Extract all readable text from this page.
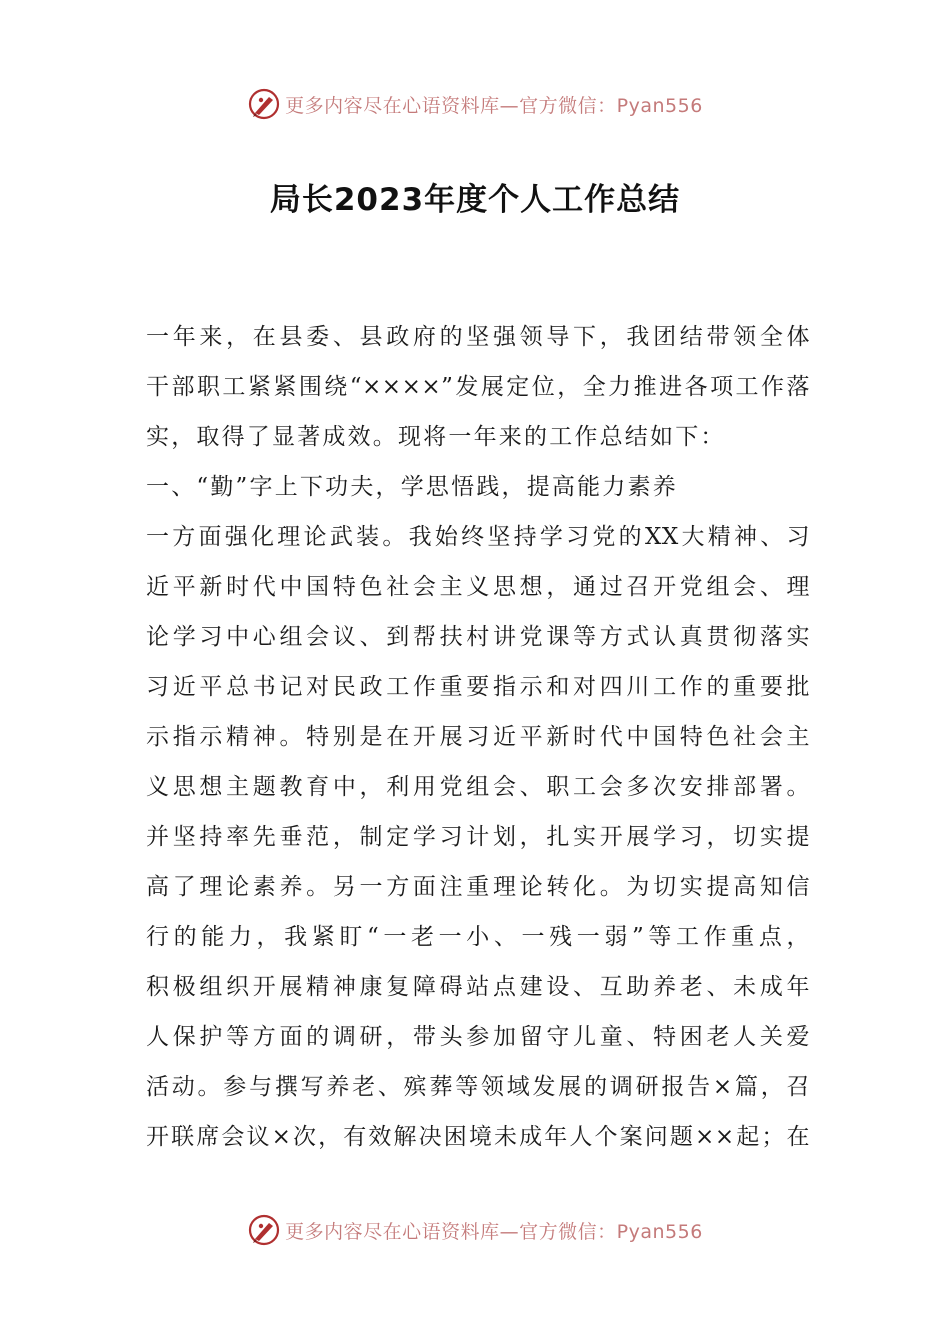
更多内容尽在心语资料库—官方微信：Pyan556
局长2023年度个人工作总结
一年来，在县委、县政府的坚强领导下，我团结带领全体
干部职工紧紧围绕“××××”发展定位，全力推进各项工作落
实，取得了显著成效。现将一年来的工作总结如下：
一、“勤”字上下功夫，学思悟践，提高能力素养
一方面强化理论武装。我始终坚持学习党的XX大精神、习
近平新时代中国特色社会主义思想，通过召开党组会、理
论学习中心组会议、到帮扶村讲党课等方式认真贯彻落实
习近平总书记对民政工作重要指示和对四川工作的重要批
示指示精神。特别是在开展习近平新时代中国特色社会主
义思想主题教育中，利用党组会、职工会多次安排部署。
并坚持率先垂范，制定学习计划，扎实开展学习，切实提
高了理论素养。另一方面注重理论转化。为切实提高知信
行的能力，我紧盯“一老一小、一残一弱”等工作重点，
积极组织开展精神康复障碍站点建设、互助养老、未成年
人保护等方面的调研，带头参加留守儿童、特困老人关爱
活动。参与撰写养老、殡葬等领域发展的调研报告×篇，召
开联席会议×次，有效解决困境未成年人个案问题××起；在
更多内容尽在心语资料库—官方微信：Pyan556
